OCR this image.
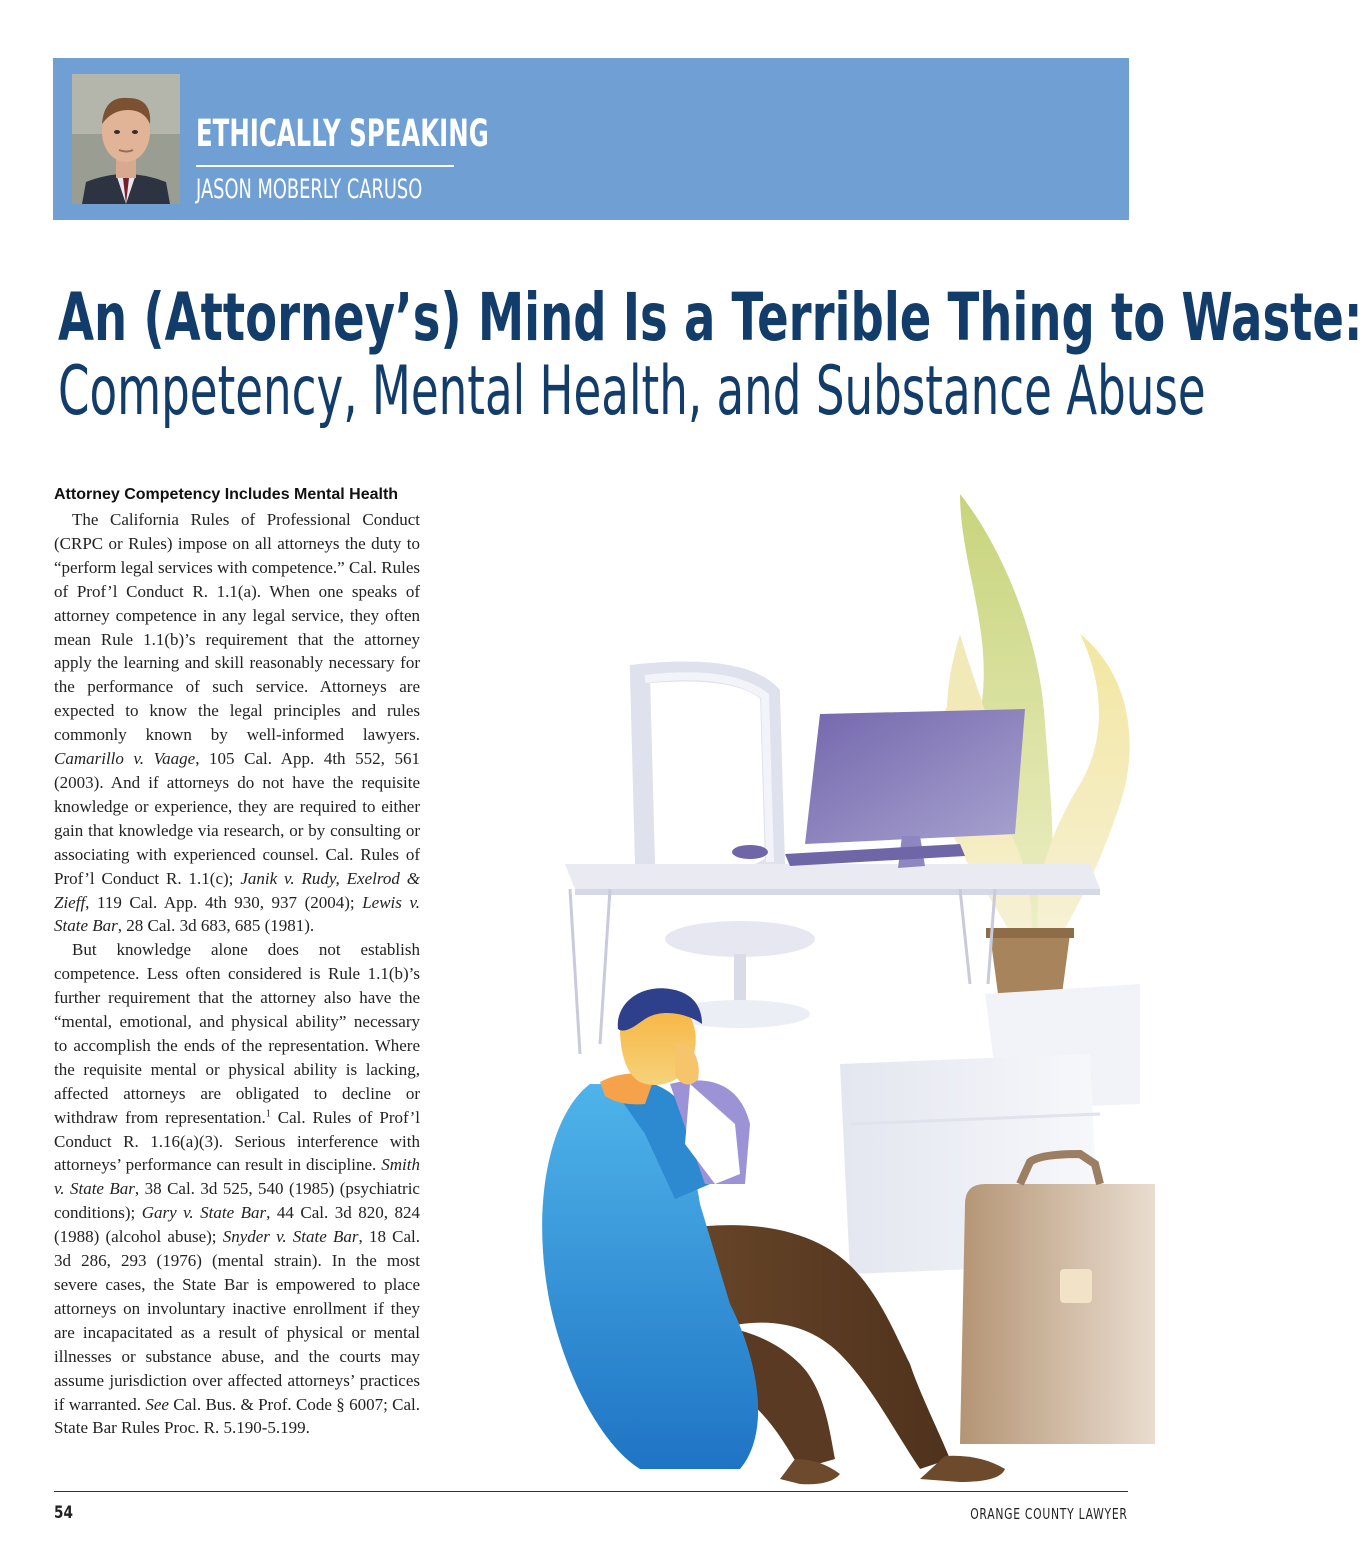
ETHICALLY SPEAKING
JASON MOBERLY CARUSO
An (Attorney’s) Mind Is a Terrible Thing to Waste:
Competency, Mental Health, and Substance Abuse
Attorney Competency Includes Mental Health

The California Rules of Professional Conduct (CRPC or Rules) impose on all attorneys the duty to “perform legal services with competence.” Cal. Rules of Prof’l Conduct R. 1.1(a). When one speaks of attorney competence in any legal service, they often mean Rule 1.1(b)’s requirement that the attorney apply the learning and skill reasonably necessary for the performance of such service. Attorneys are expected to know the legal principles and rules commonly known by well-informed lawyers. Camarillo v. Vaage, 105 Cal. App. 4th 552, 561 (2003). And if attorneys do not have the requisite knowledge or experience, they are required to either gain that knowledge via research, or by consulting or associating with experienced counsel. Cal. Rules of Prof’l Conduct R. 1.1(c); Janik v. Rudy, Exelrod & Zieff, 119 Cal. App. 4th 930, 937 (2004); Lewis v. State Bar, 28 Cal. 3d 683, 685 (1981).

But knowledge alone does not establish competence. Less often considered is Rule 1.1(b)’s further requirement that the attorney also have the “mental, emotional, and physical ability” necessary to accomplish the ends of the representation. Where the requisite mental or physical ability is lacking, affected attorneys are obligated to decline or withdraw from representation.$^1$ Cal. Rules of Prof’l Conduct R. 1.16(a)(3). Serious interference with attorneys’ performance can result in discipline. Smith v. State Bar, 38 Cal. 3d 525, 540 (1985) (psychiatric conditions); Gary v. State Bar, 44 Cal. 3d 820, 824 (1988) (alcohol abuse); Snyder v. State Bar, 18 Cal. 3d 286, 293 (1976) (mental strain). In the most severe cases, the State Bar is empowered to place attorneys on involuntary inactive enrollment if they are incapacitated as a result of physical or mental illnesses or substance abuse, and the courts may assume jurisdiction over affected attorneys’ practices if warranted. See Cal. Bus. & Prof. Code § 6007; Cal. State Bar Rules Proc. R. 5.190-5.199.

54	ORANGE COUNTY LAWYER
